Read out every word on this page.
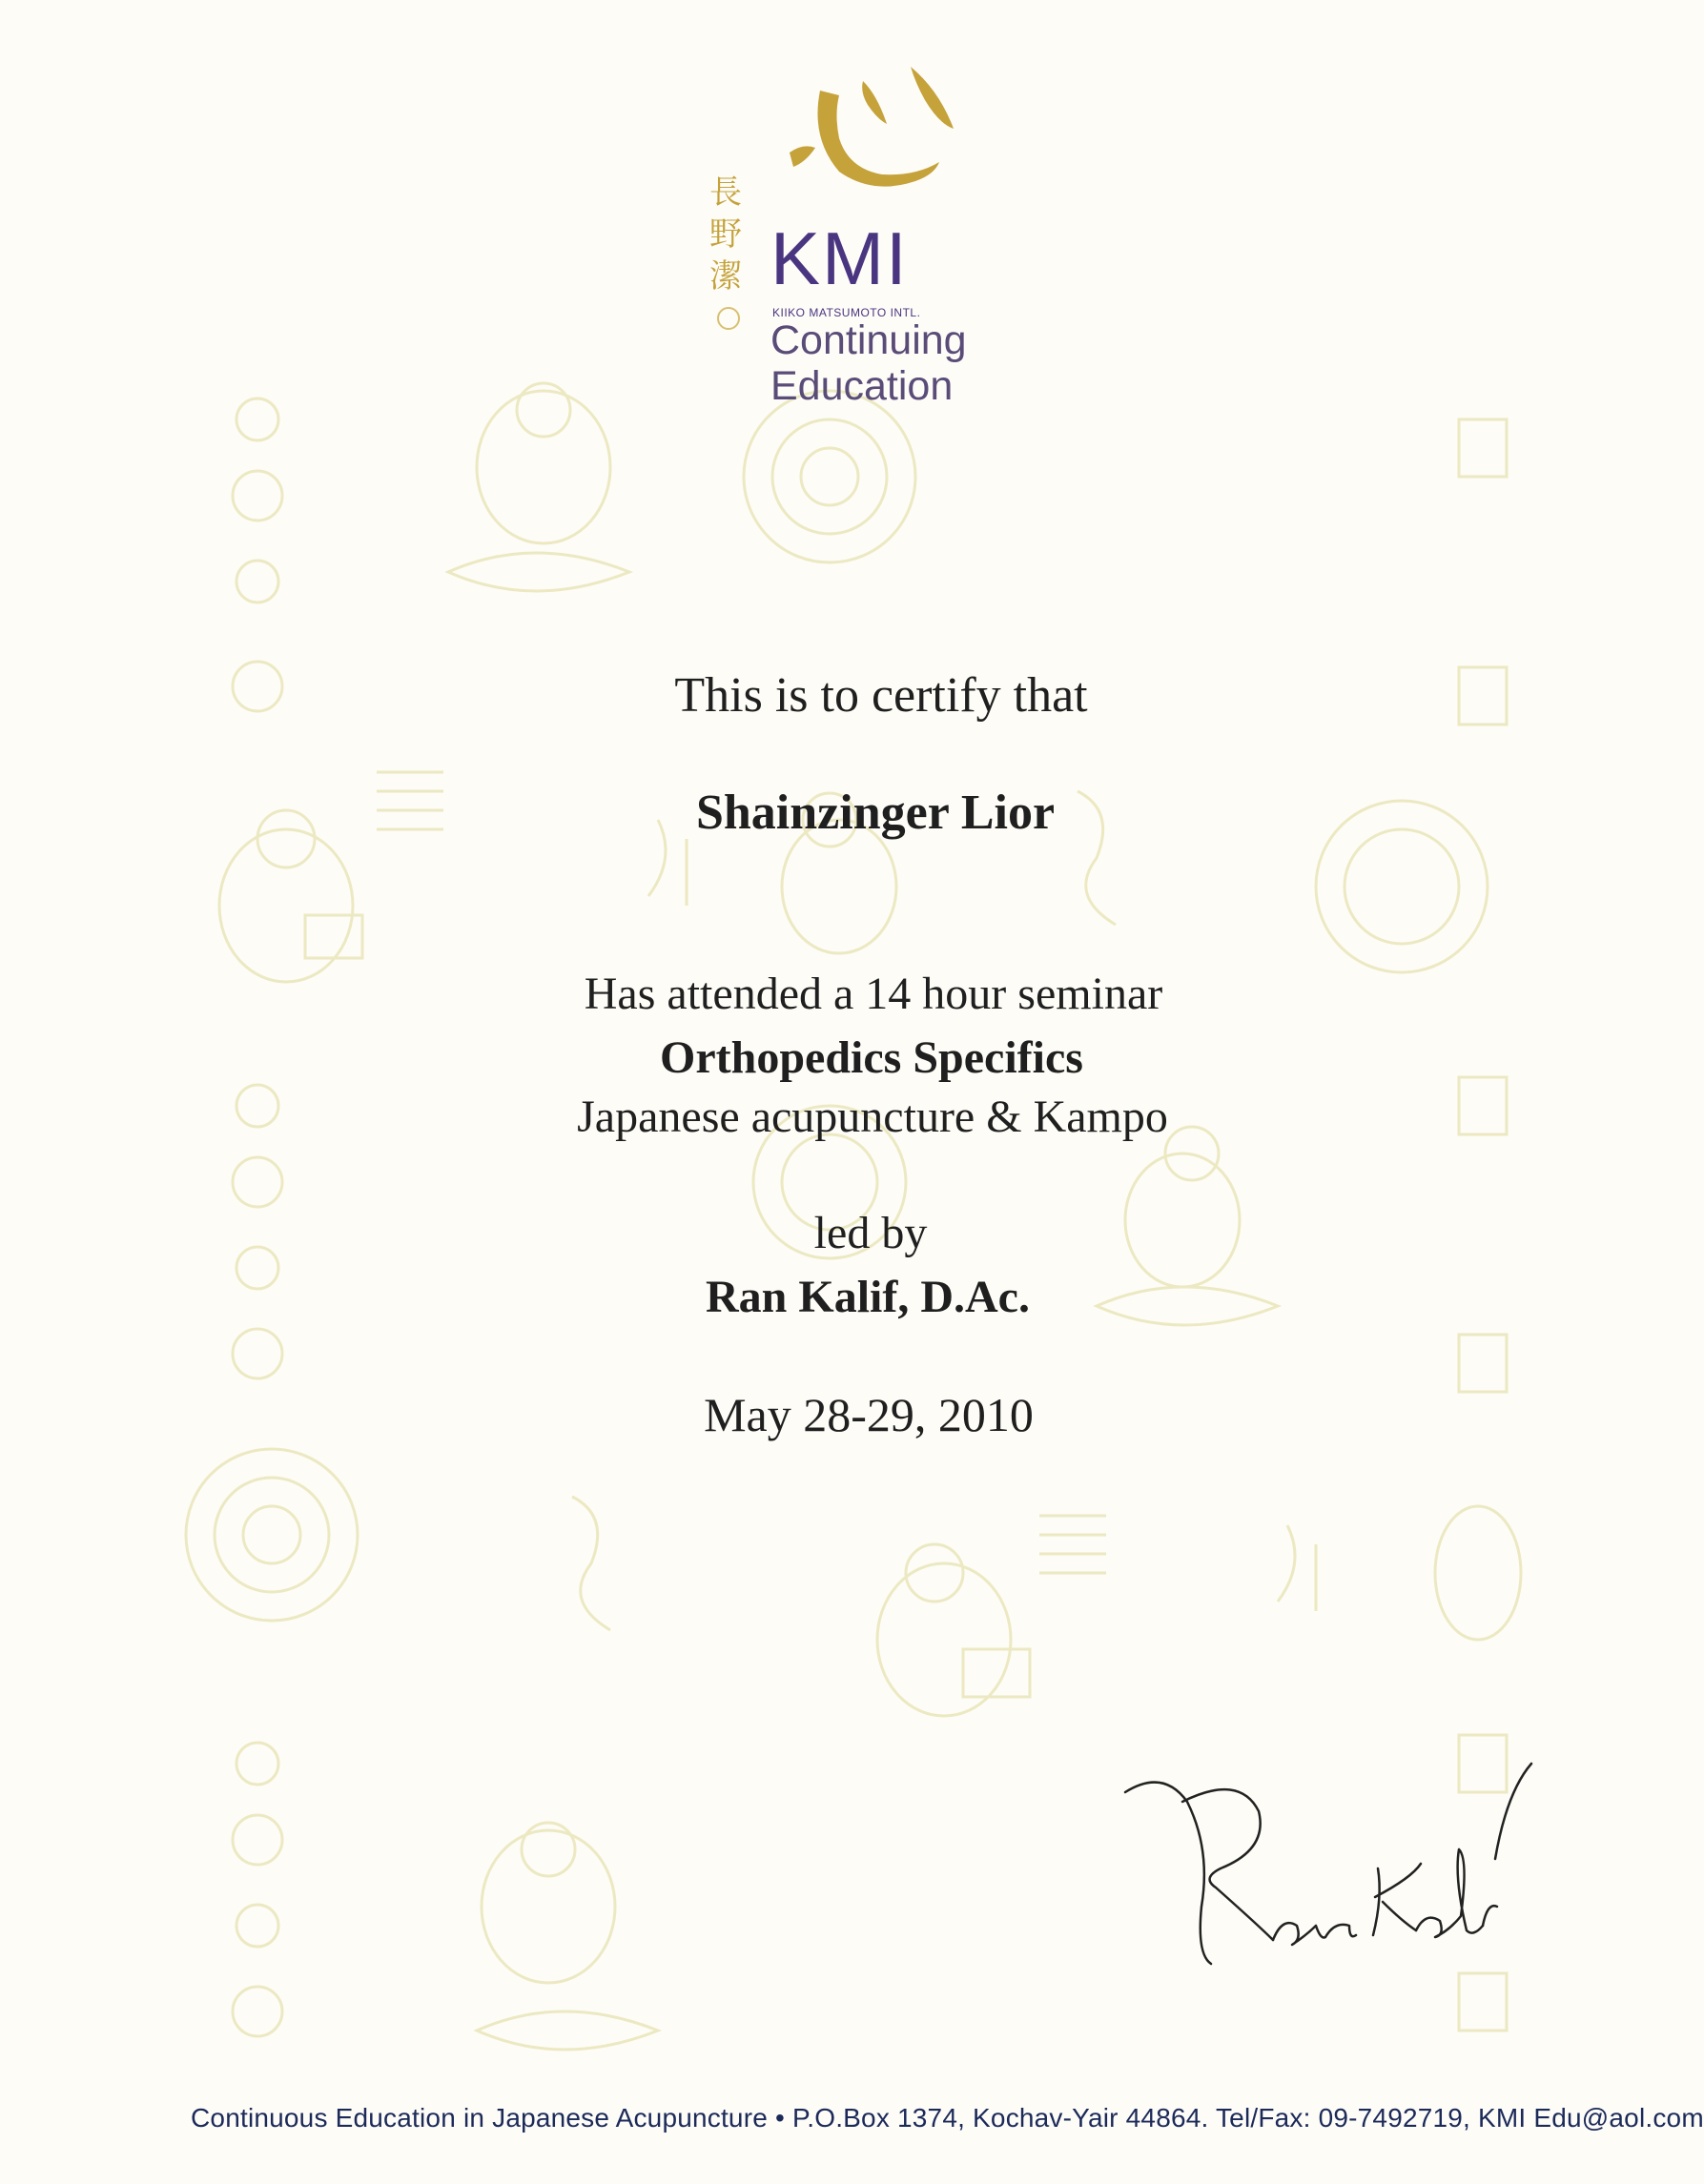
長野潔 KMI
KIIKO MATSUMOTO INTL.
Continuing
Education
This is to certify that
Shainzinger Lior
Has attended a 14 hour seminar
Orthopedics Specifics
Japanese acupuncture & Kampo
led by
Ran Kalif, D.Ac.
May 28-29, 2010
Continuous Education in Japanese Acupuncture • P.O.Box 1374, Kochav-Yair 44864. Tel/Fax: 09-7492719, KMI Edu@aol.com
